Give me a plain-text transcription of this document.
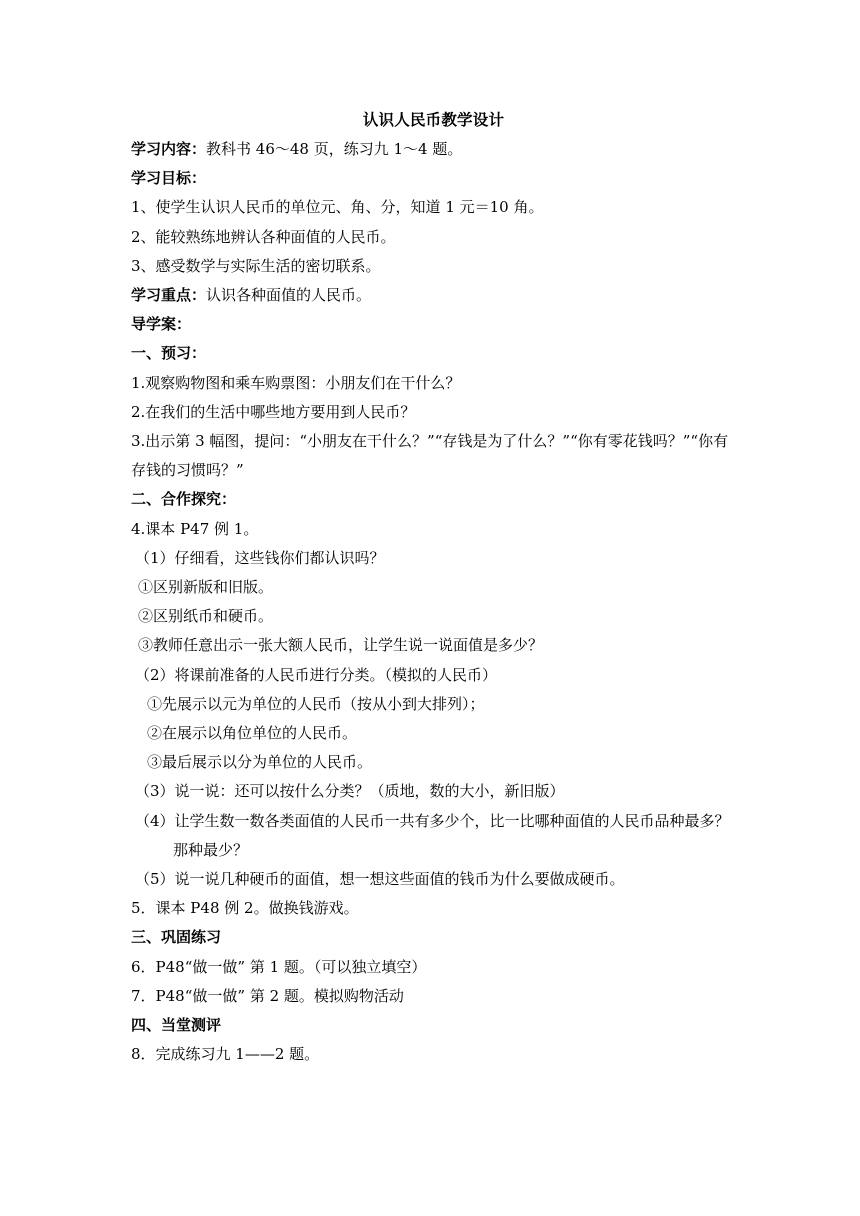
认识人民币教学设计
学习内容：教科书 46～48 页，练习九 1～4 题。
学习目标：
1、使学生认识人民币的单位元、角、分，知道 1 元＝10 角。
2、能较熟练地辨认各种面值的人民币。
3、感受数学与实际生活的密切联系。
学习重点：认识各种面值的人民币。
导学案：
一、预习：
1.观察购物图和乘车购票图：小朋友们在干什么？
2.在我们的生活中哪些地方要用到人民币？
3.出示第 3 幅图，提问：“小朋友在干什么？”“存钱是为了什么？”“你有零花钱吗？”“你有存钱的习惯吗？”
二、合作探究：
4.课本 P47 例 1。
（1）仔细看，这些钱你们都认识吗？
①区别新版和旧版。
②区别纸币和硬币。
③教师任意出示一张大额人民币，让学生说一说面值是多少？
（2）将课前准备的人民币进行分类。（模拟的人民币）
①先展示以元为单位的人民币（按从小到大排列）；
②在展示以角位单位的人民币。
③最后展示以分为单位的人民币。
（3）说一说：还可以按什么分类？（质地，数的大小，新旧版）
（4）让学生数一数各类面值的人民币一共有多少个，比一比哪种面值的人民币品种最多？那种最少？
（5）说一说几种硬币的面值，想一想这些面值的钱币为什么要做成硬币。
5．课本 P48 例 2。做换钱游戏。
三、巩固练习
6．P48“做一做” 第 1 题。（可以独立填空）
7．P48“做一做” 第 2 题。模拟购物活动
四、当堂测评
8．完成练习九 1——2 题。
